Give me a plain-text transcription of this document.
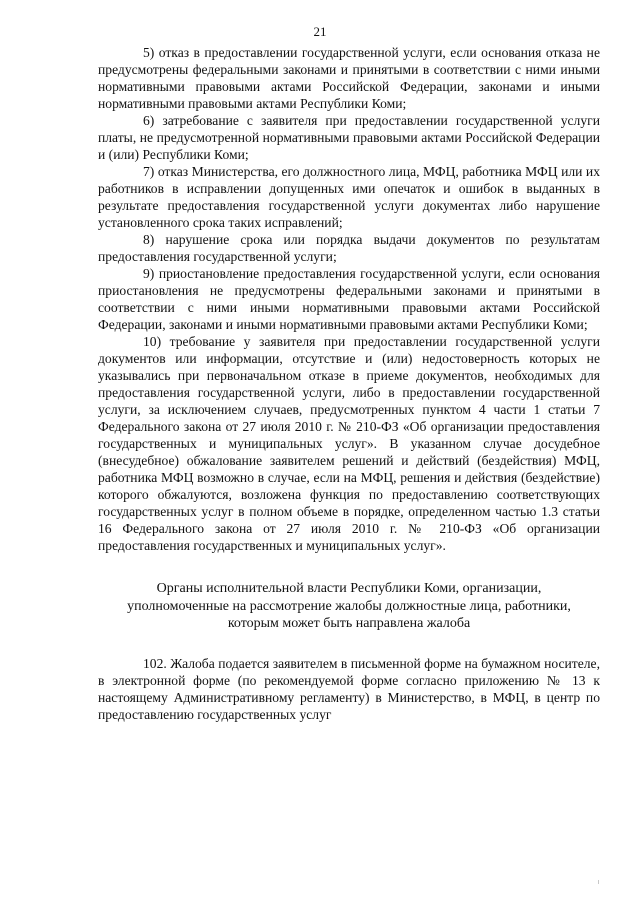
21

5) отказ в предоставлении государственной услуги, если основания отказа не предусмотрены федеральными законами и принятыми в соответствии с ними иными нормативными правовыми актами Российской Федерации, законами и иными нормативными правовыми актами Республики Коми;

6) затребование с заявителя при предоставлении государственной услуги платы, не предусмотренной нормативными правовыми актами Российской Федерации и (или) Республики Коми;

7) отказ Министерства, его должностного лица, МФЦ, работника МФЦ или их работников в исправлении допущенных ими опечаток и ошибок в выданных в результате предоставления государственной услуги документах либо нарушение установленного срока таких исправлений;

8) нарушение срока или порядка выдачи документов по результатам предоставления государственной услуги;

9) приостановление предоставления государственной услуги, если основания приостановления не предусмотрены федеральными законами и принятыми в соответствии с ними иными нормативными правовыми актами Российской Федерации, законами и иными нормативными правовыми актами Республики Коми;

10) требование у заявителя при предоставлении государственной услуги документов или информации, отсутствие и (или) недостоверность которых не указывались при первоначальном отказе в приеме документов, необходимых для предоставления государственной услуги, либо в предоставлении государственной услуги, за исключением случаев, предусмотренных пунктом 4 части 1 статьи 7 Федерального закона от 27 июля 2010 г. № 210-ФЗ «Об организации предоставления государственных и муниципальных услуг». В указанном случае досудебное (внесудебное) обжалование заявителем решений и действий (бездействия) МФЦ, работника МФЦ возможно в случае, если на МФЦ, решения и действия (бездействие) которого обжалуются, возложена функция по предоставлению соответствующих государственных услуг в полном объеме в порядке, определенном частью 1.3 статьи 16 Федерального закона от 27 июля 2010 г. № 210-ФЗ «Об организации предоставления государственных и муниципальных услуг».

Органы исполнительной власти Республики Коми, организации, уполномоченные на рассмотрение жалобы должностные лица, работники, которым может быть направлена жалоба

102. Жалоба подается заявителем в письменной форме на бумажном носителе, в электронной форме (по рекомендуемой форме согласно приложению № 13 к настоящему Административному регламенту) в Министерство, в МФЦ, в центр по предоставлению государственных услуг
